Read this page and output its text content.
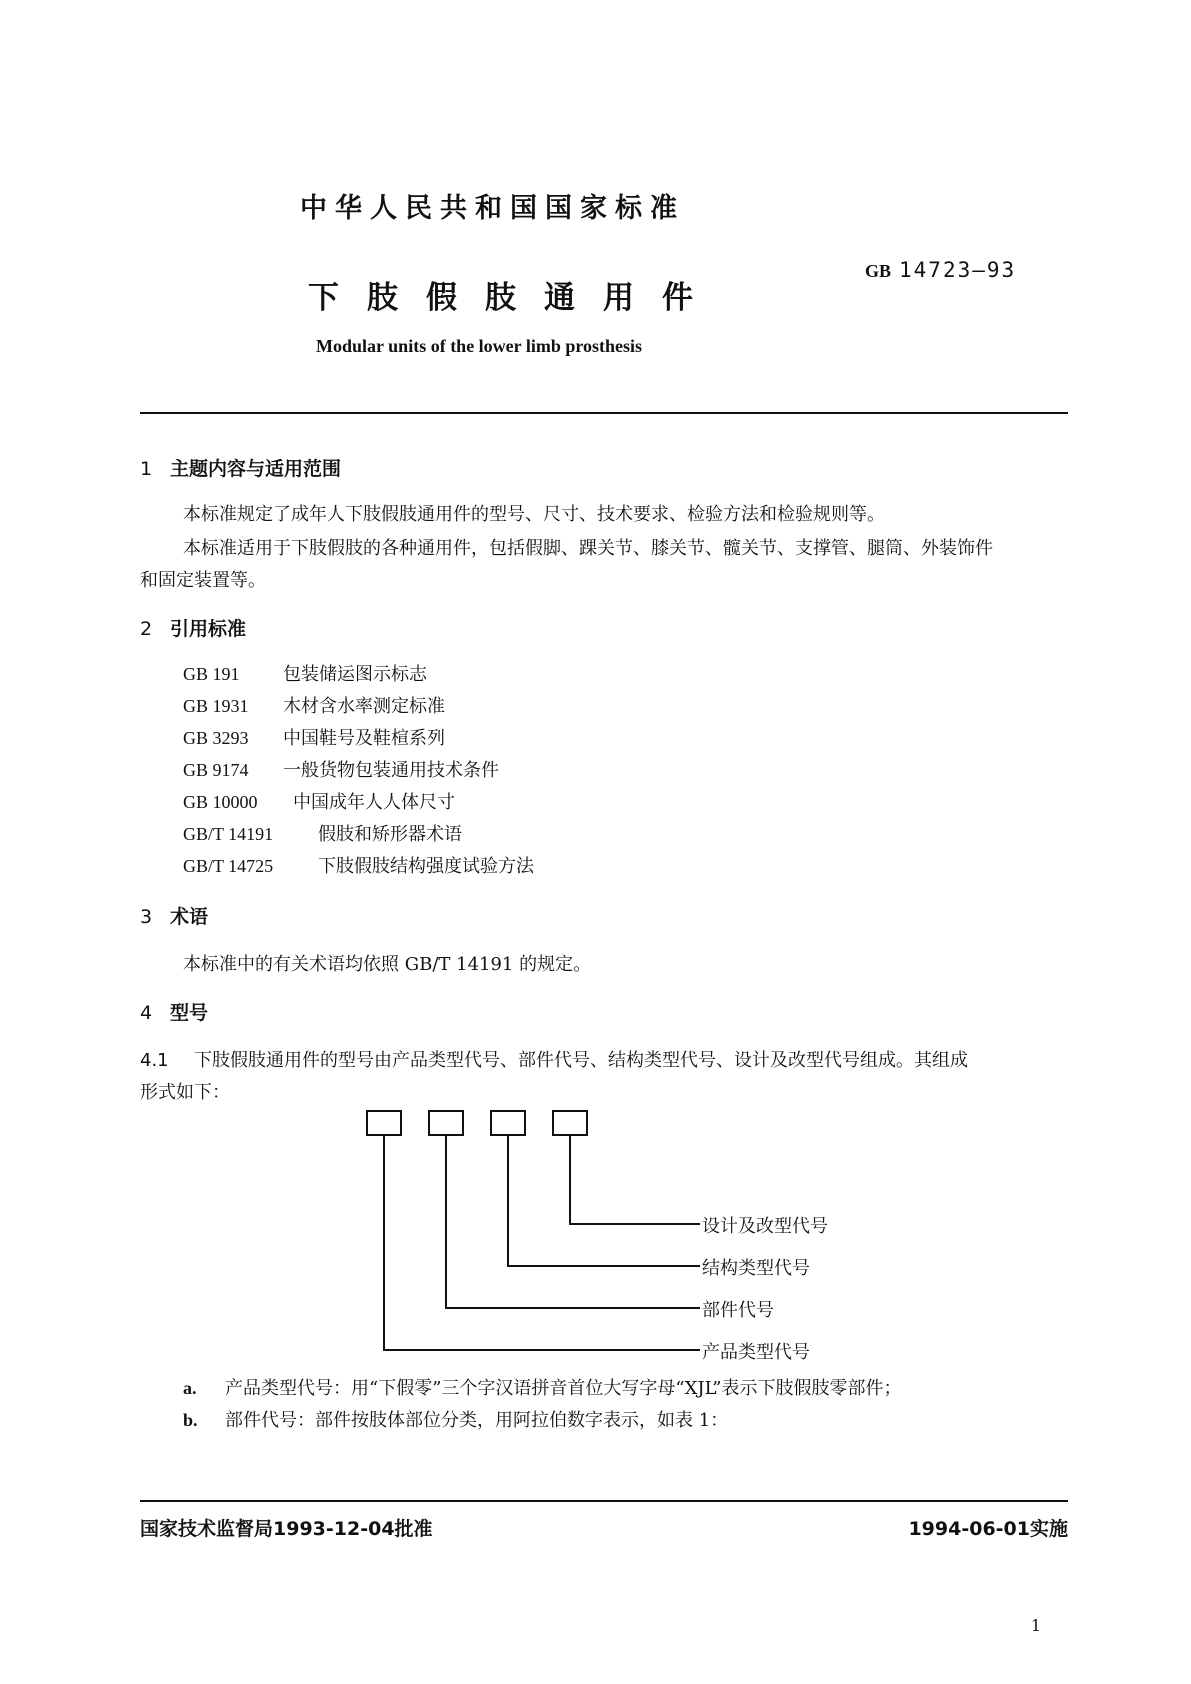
中华人民共和国国家标准
GB 14723—93
下肢假肢通用件
Modular units of the lower limb prosthesis
1 主题内容与适用范围
本标准规定了成年人下肢假肢通用件的型号、尺寸、技术要求、检验方法和检验规则等。
本标准适用于下肢假肢的各种通用件，包括假脚、踝关节、膝关节、髋关节、支撑管、腿筒、外装饰件
和固定装置等。
2 引用标准
GB 191 包装储运图示标志
GB 1931 木材含水率测定标准
GB 3293 中国鞋号及鞋楦系列
GB 9174 一般货物包装通用技术条件
GB 10000 中国成年人人体尺寸
GB/T 14191 假肢和矫形器术语
GB/T 14725 下肢假肢结构强度试验方法
3 术语
本标准中的有关术语均依照 GB/T 14191 的规定。
4 型号
4.1 下肢假肢通用件的型号由产品类型代号、部件代号、结构类型代号、设计及改型代号组成。其组成
形式如下：
设计及改型代号
结构类型代号
部件代号
产品类型代号
a. 产品类型代号：用“下假零”三个字汉语拼音首位大写字母“XJL”表示下肢假肢零部件；
b. 部件代号：部件按肢体部位分类，用阿拉伯数字表示，如表 1：
国家技术监督局1993-12-04批准	1994-06-01实施
1
